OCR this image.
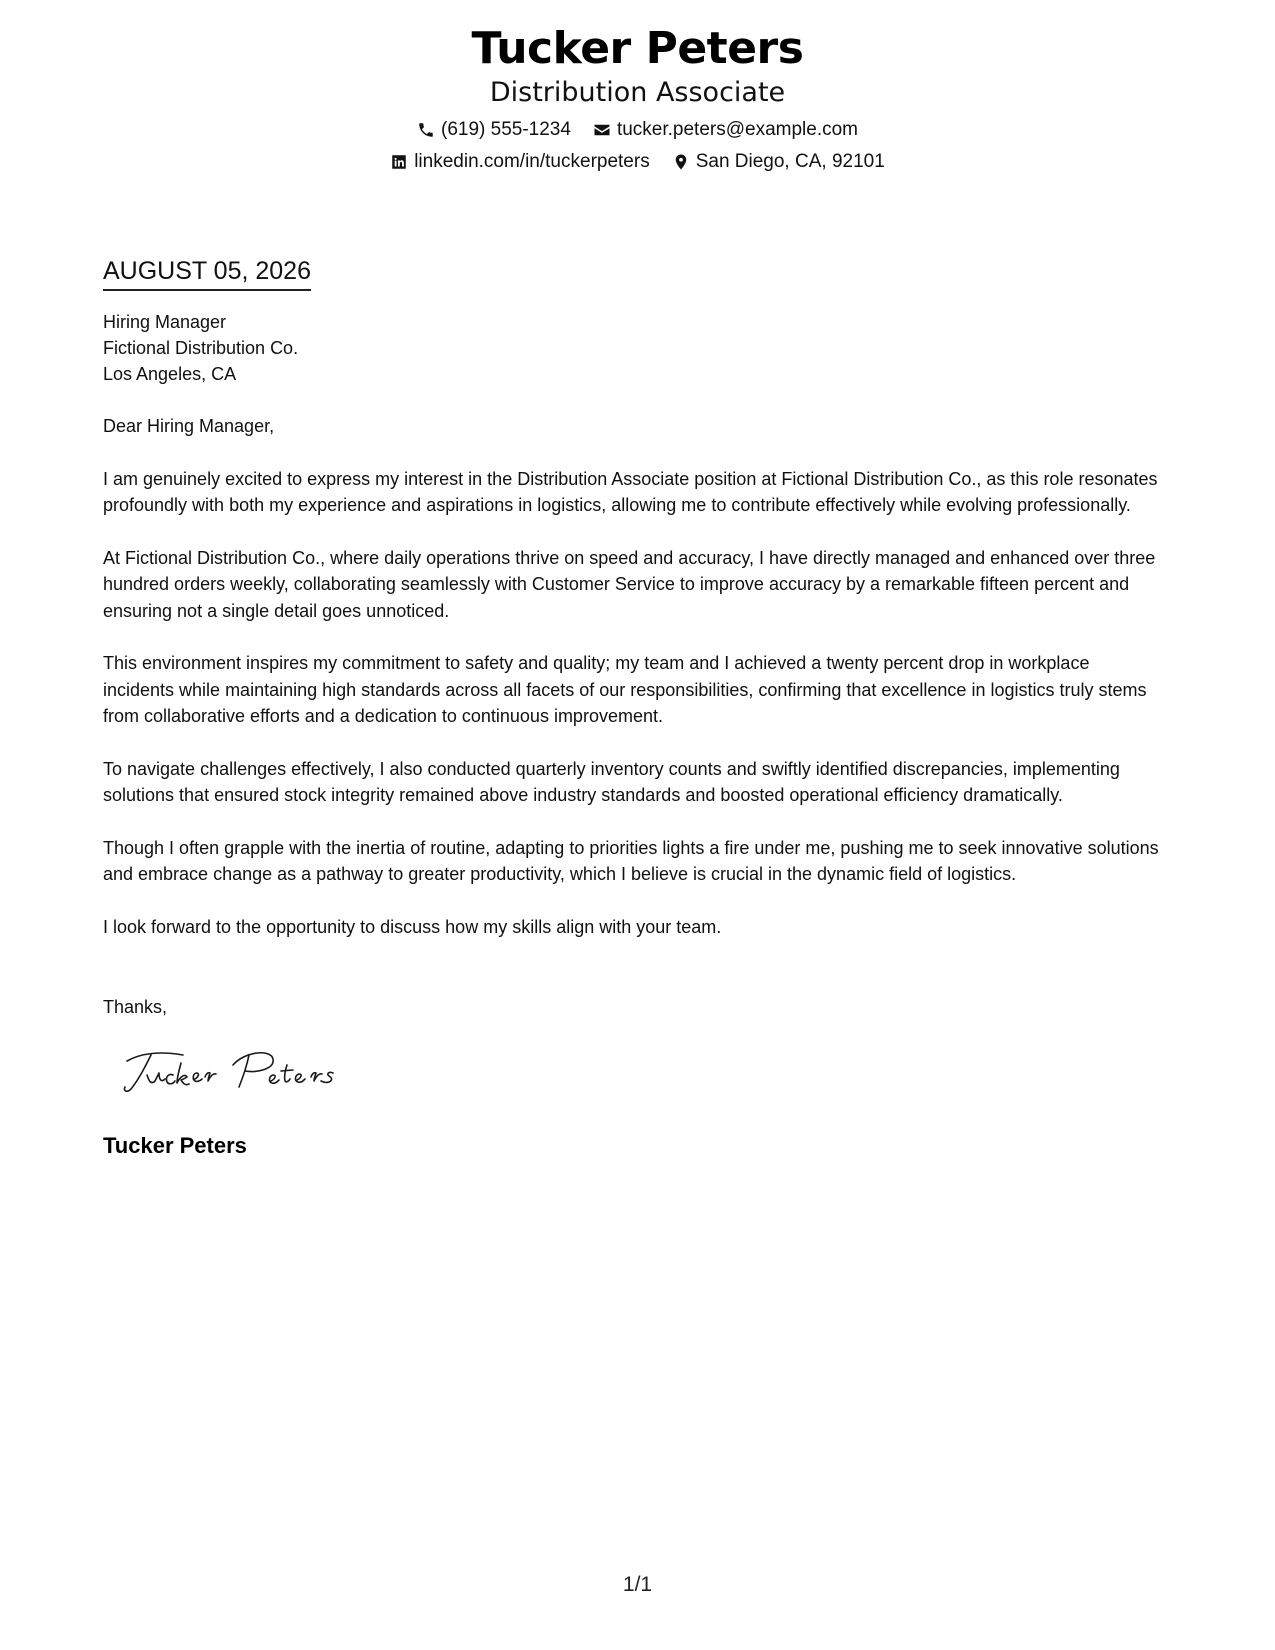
Tucker Peters
Distribution Associate
(619) 555-1234 tucker.peters@example.com
linkedin.com/in/tuckerpeters San Diego, CA, 92101
AUGUST 05, 2026
Hiring Manager
Fictional Distribution Co.
Los Angeles, CA
Dear Hiring Manager,
I am genuinely excited to express my interest in the Distribution Associate position at Fictional Distribution Co., as this role resonates profoundly with both my experience and aspirations in logistics, allowing me to contribute effectively while evolving professionally.
At Fictional Distribution Co., where daily operations thrive on speed and accuracy, I have directly managed and enhanced over three hundred orders weekly, collaborating seamlessly with Customer Service to improve accuracy by a remarkable fifteen percent and ensuring not a single detail goes unnoticed.
This environment inspires my commitment to safety and quality; my team and I achieved a twenty percent drop in workplace incidents while maintaining high standards across all facets of our responsibilities, confirming that excellence in logistics truly stems from collaborative efforts and a dedication to continuous improvement.
To navigate challenges effectively, I also conducted quarterly inventory counts and swiftly identified discrepancies, implementing solutions that ensured stock integrity remained above industry standards and boosted operational efficiency dramatically.
Though I often grapple with the inertia of routine, adapting to priorities lights a fire under me, pushing me to seek innovative solutions and embrace change as a pathway to greater productivity, which I believe is crucial in the dynamic field of logistics.
I look forward to the opportunity to discuss how my skills align with your team.
Thanks,
Tucker Peters
1/1
